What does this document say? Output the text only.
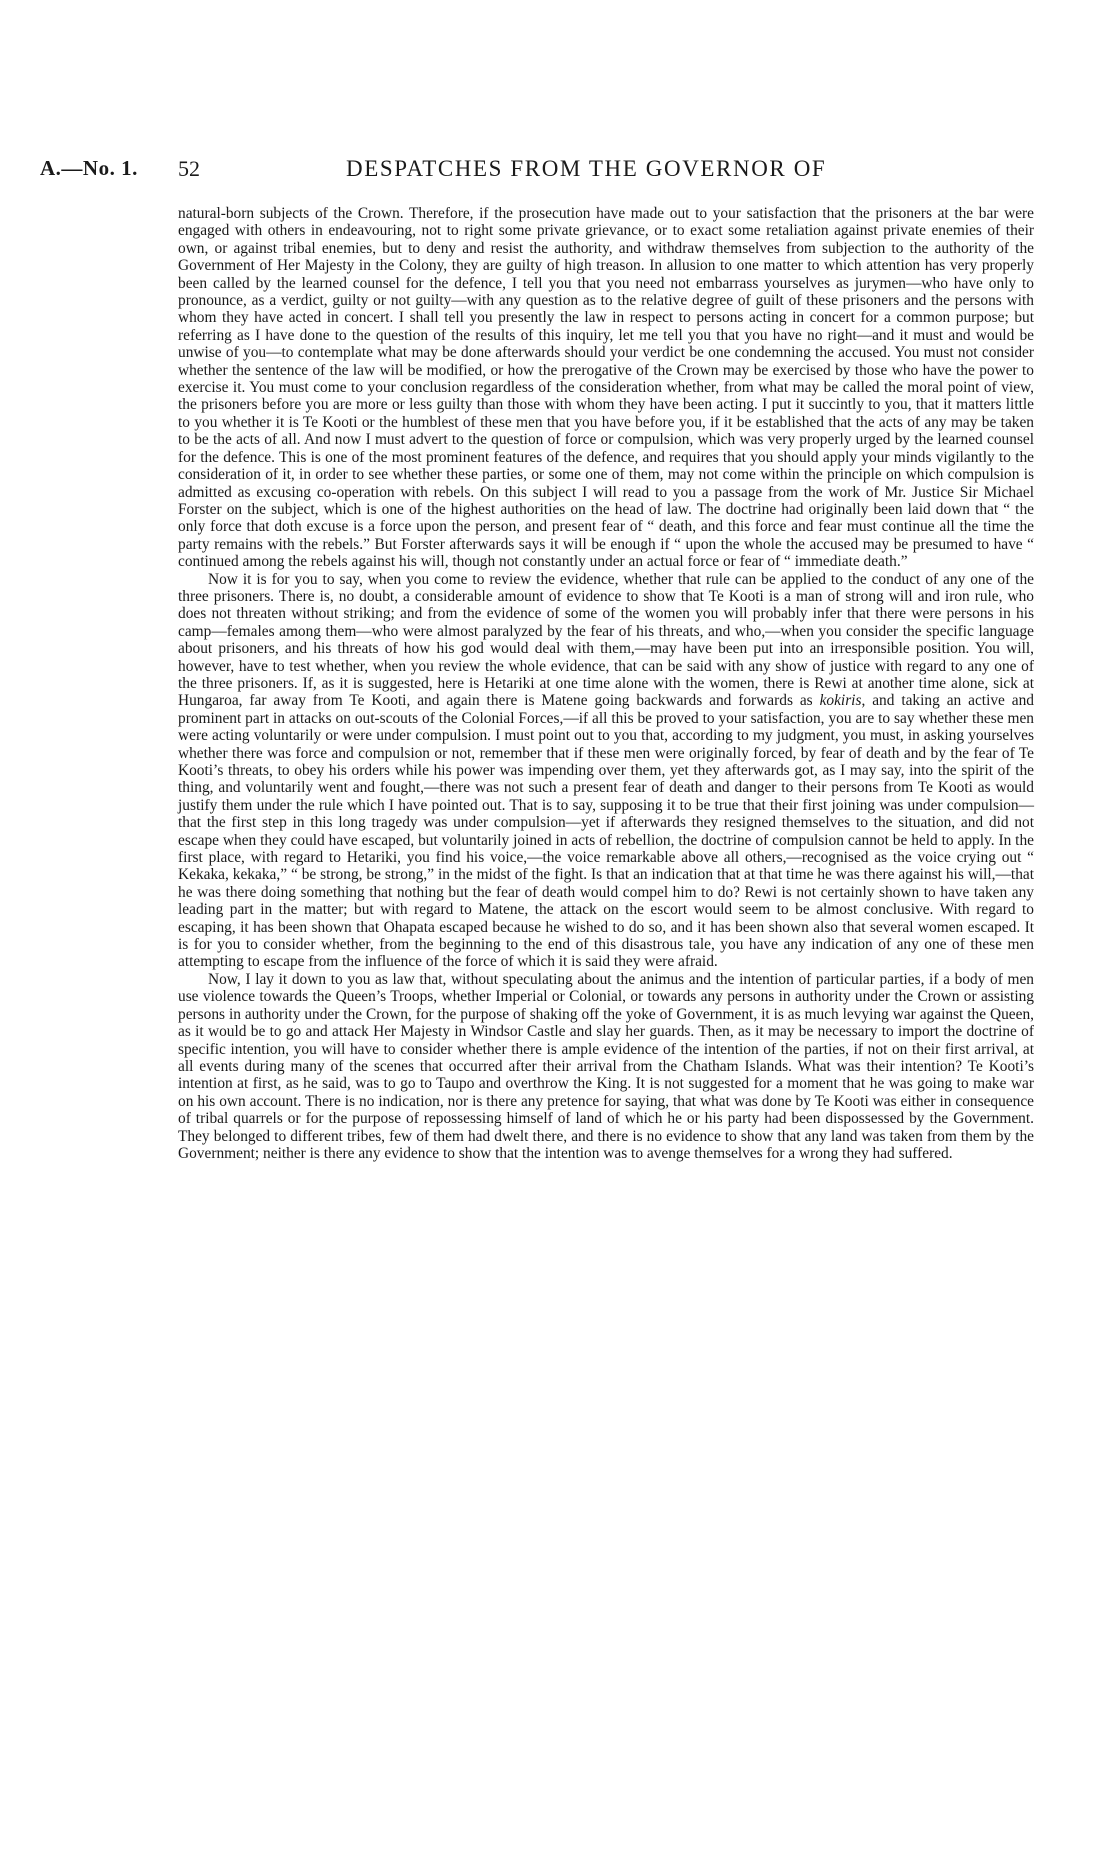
A.—No. 1. 52	DESPATCHES FROM THE GOVERNOR OF

natural-born subjects of the Crown. Therefore, if the prosecution have made out to your satisfaction that the prisoners at the bar were engaged with others in endeavouring, not to right some private grievance, or to exact some retaliation against private enemies of their own, or against tribal enemies, but to deny and resist the authority, and withdraw themselves from subjection to the authority of the Government of Her Majesty in the Colony, they are guilty of high treason. In allusion to one matter to which attention has very properly been called by the learned counsel for the defence, I tell you that you need not embarrass yourselves as jurymen—who have only to pronounce, as a verdict, guilty or not guilty—with any question as to the relative degree of guilt of these prisoners and the persons with whom they have acted in concert. I shall tell you presently the law in respect to persons acting in concert for a common purpose; but referring as I have done to the question of the results of this inquiry, let me tell you that you have no right—and it must and would be unwise of you—to contemplate what may be done afterwards should your verdict be one condemning the accused. You must not consider whether the sentence of the law will be modified, or how the prerogative of the Crown may be exercised by those who have the power to exercise it. You must come to your conclusion regardless of the consideration whether, from what may be called the moral point of view, the prisoners before you are more or less guilty than those with whom they have been acting. I put it succintly to you, that it matters little to you whether it is Te Kooti or the humblest of these men that you have before you, if it be established that the acts of any may be taken to be the acts of all. And now I must advert to the question of force or compulsion, which was very properly urged by the learned counsel for the defence. This is one of the most prominent features of the defence, and requires that you should apply your minds vigilantly to the consideration of it, in order to see whether these parties, or some one of them, may not come within the principle on which compulsion is admitted as excusing co-operation with rebels. On this subject I will read to you a passage from the work of Mr. Justice Sir Michael Forster on the subject, which is one of the highest authorities on the head of law. The doctrine had originally been laid down that “ the only force that doth excuse is a force upon the person, and present fear of “ death, and this force and fear must continue all the time the party remains with the rebels.” But Forster afterwards says it will be enough if “ upon the whole the accused may be presumed to have “ continued among the rebels against his will, though not constantly under an actual force or fear of “ immediate death.”

Now it is for you to say, when you come to review the evidence, whether that rule can be applied to the conduct of any one of the three prisoners. There is, no doubt, a considerable amount of evidence to show that Te Kooti is a man of strong will and iron rule, who does not threaten without striking; and from the evidence of some of the women you will probably infer that there were persons in his camp—females among them—who were almost paralyzed by the fear of his threats, and who,—when you consider the specific language about prisoners, and his threats of how his god would deal with them,—may have been put into an irresponsible position. You will, however, have to test whether, when you review the whole evidence, that can be said with any show of justice with regard to any one of the three prisoners. If, as it is suggested, here is Hetariki at one time alone with the women, there is Rewi at another time alone, sick at Hungaroa, far away from Te Kooti, and again there is Matene going backwards and forwards as kokiris, and taking an active and prominent part in attacks on out-scouts of the Colonial Forces,—if all this be proved to your satisfaction, you are to say whether these men were acting voluntarily or were under compulsion. I must point out to you that, according to my judgment, you must, in asking yourselves whether there was force and compulsion or not, remember that if these men were originally forced, by fear of death and by the fear of Te Kooti’s threats, to obey his orders while his power was impending over them, yet they afterwards got, as I may say, into the spirit of the thing, and voluntarily went and fought,—there was not such a present fear of death and danger to their persons from Te Kooti as would justify them under the rule which I have pointed out. That is to say, supposing it to be true that their first joining was under compulsion—that the first step in this long tragedy was under compulsion—yet if afterwards they resigned themselves to the situation, and did not escape when they could have escaped, but voluntarily joined in acts of rebellion, the doctrine of compulsion cannot be held to apply. In the first place, with regard to Hetariki, you find his voice,—the voice remarkable above all others,—recognised as the voice crying out “ Kekaka, kekaka,” “ be strong, be strong,” in the midst of the fight. Is that an indication that at that time he was there against his will,—that he was there doing something that nothing but the fear of death would compel him to do? Rewi is not certainly shown to have taken any leading part in the matter; but with regard to Matene, the attack on the escort would seem to be almost conclusive. With regard to escaping, it has been shown that Ohapata escaped because he wished to do so, and it has been shown also that several women escaped. It is for you to consider whether, from the beginning to the end of this disastrous tale, you have any indication of any one of these men attempting to escape from the influence of the force of which it is said they were afraid.

Now, I lay it down to you as law that, without speculating about the animus and the intention of particular parties, if a body of men use violence towards the Queen’s Troops, whether Imperial or Colonial, or towards any persons in authority under the Crown or assisting persons in authority under the Crown, for the purpose of shaking off the yoke of Government, it is as much levying war against the Queen, as it would be to go and attack Her Majesty in Windsor Castle and slay her guards. Then, as it may be necessary to import the doctrine of specific intention, you will have to consider whether there is ample evidence of the intention of the parties, if not on their first arrival, at all events during many of the scenes that occurred after their arrival from the Chatham Islands. What was their intention? Te Kooti’s intention at first, as he said, was to go to Taupo and overthrow the King. It is not suggested for a moment that he was going to make war on his own account. There is no indication, nor is there any pretence for saying, that what was done by Te Kooti was either in consequence of tribal quarrels or for the purpose of repossessing himself of land of which he or his party had been dispossessed by the Government. They belonged to different tribes, few of them had dwelt there, and there is no evidence to show that any land was taken from them by the Government; neither is there any evidence to show that the intention was to avenge themselves for a wrong they had suffered.
